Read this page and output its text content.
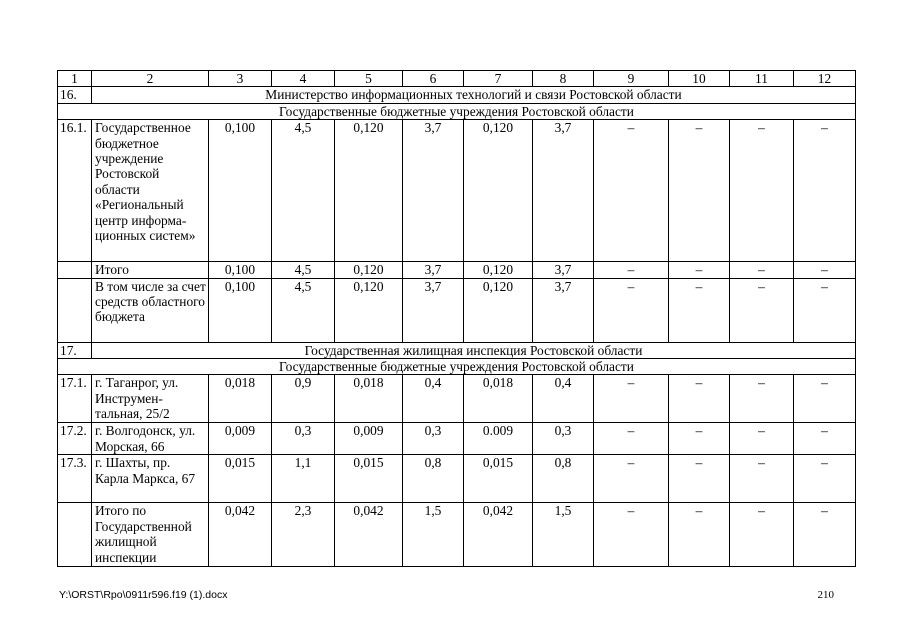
1	2	3	4	5	6	7	8	9	10	11	12
16.	Министерство информационных технологий и связи Ростовской области										
Государственные бюджетные учреждения Ростовской области											
16.1.	Государственное бюджетное учреждение Ростовской области «Региональный центр информа-ционных систем»	0,100	4,5	0,120	3,7	0,120	3,7	–	–	–	–
	Итого	0,100	4,5	0,120	3,7	0,120	3,7	–	–	–	–
	В том числе за счет средств областного бюджета	0,100	4,5	0,120	3,7	0,120	3,7	–	–	–	–
17.	Государственная жилищная инспекция Ростовской области										
Государственные бюджетные учреждения Ростовской области											
17.1.	г. Таганрог, ул. Инструмен-тальная, 25/2	0,018	0,9	0,018	0,4	0,018	0,4	–	–	–	–
17.2.	г. Волгодонск, ул. Морская, 66	0,009	0,3	0,009	0,3	0.009	0,3	–	–	–	–
17.3.	г. Шахты, пр. Карла Маркса, 67	0,015	1,1	0,015	0,8	0,015	0,8	–	–	–	–
	Итого по Государственной жилищной инспекции	0,042	2,3	0,042	1,5	0,042	1,5	–	–	–	–
Y:\ORST\Rpo\0911r596.f19 (1).docx	210
